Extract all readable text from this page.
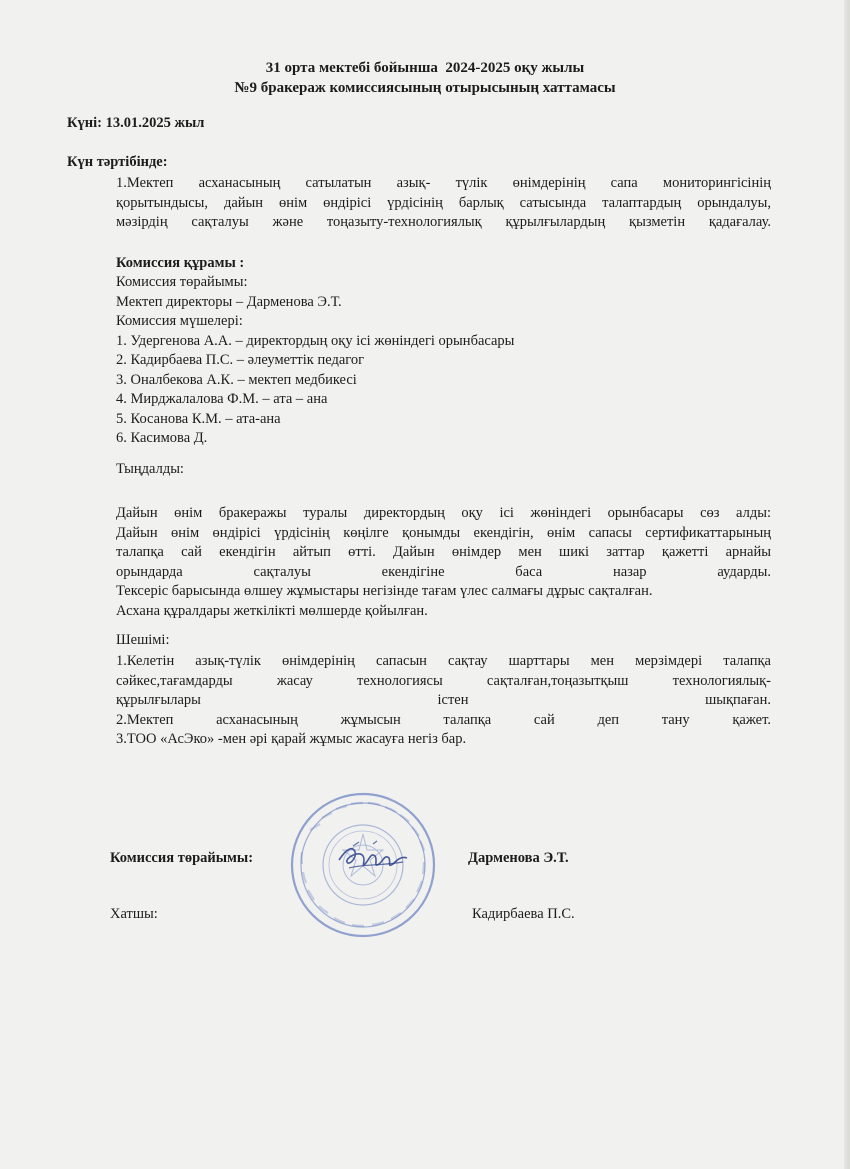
31 орта мектебі бойынша  2024-2025 оқу жылы
№9 бракераж комиссиясының отырысының хаттамасы
Күні: 13.01.2025 жыл
Күн тәртібінде:
1.Мектеп асханасының сатылатын азық- түлік өнімдерінің сапа мониторингісінің
қорытындысы, дайын өнім өндірісі үрдісінің барлық сатысында талаптардың орындалуы,
мәзірдің сақталуы және тоңазыту-технологиялық құрылғылардың қызметін қадағалау.
Комиссия құрамы :
Комиссия төрайымы:
Мектеп директоры – Дарменова Э.Т.
Комиссия мүшелері:
1. Удергенова А.А. – директордың оқу ісі жөніндегі орынбасары
2. Кадирбаева П.С. – әлеуметтік педагог
3. Оналбекова А.К. – мектеп медбикесі
4. Мирджалалова Ф.М. – ата – ана
5. Косанова К.М. – ата-ана
6. Касимова Д.
Тыңдалды:
Дайын өнім бракеражы туралы директордың оқу ісі жөніндегі орынбасары сөз алды:
Дайын өнім өндірісі үрдісінің көңілге қонымды екендігін, өнім сапасы сертификаттарының
талапқа сай екендігін айтып өтті. Дайын өнімдер мен шикі заттар қажетті арнайы
орындарда сақталуы екендігіне баса назар аударды.
Тексеріс барысында өлшеу жұмыстары негізінде тағам үлес салмағы дұрыс сақталған.
Асхана құралдары жеткілікті мөлшерде қойылған.
Шешімі:
1.Келетін азық-түлік өнімдерінің сапасын сақтау шарттары мен мерзімдері талапқа
сәйкес,тағамдарды жасау технологиясы сақталған,тоңазытқыш технологиялық-
құрылғылары істен шықпаған.
2.Мектеп асханасының жұмысын талапқа сай деп тану қажет.
3.ТОО «АсЭко» -мен әрі қарай жұмыс жасауға негіз бар.
Комиссия төрайымы:	Дарменова Э.Т.
Хатшы:	Кадирбаева П.С.
